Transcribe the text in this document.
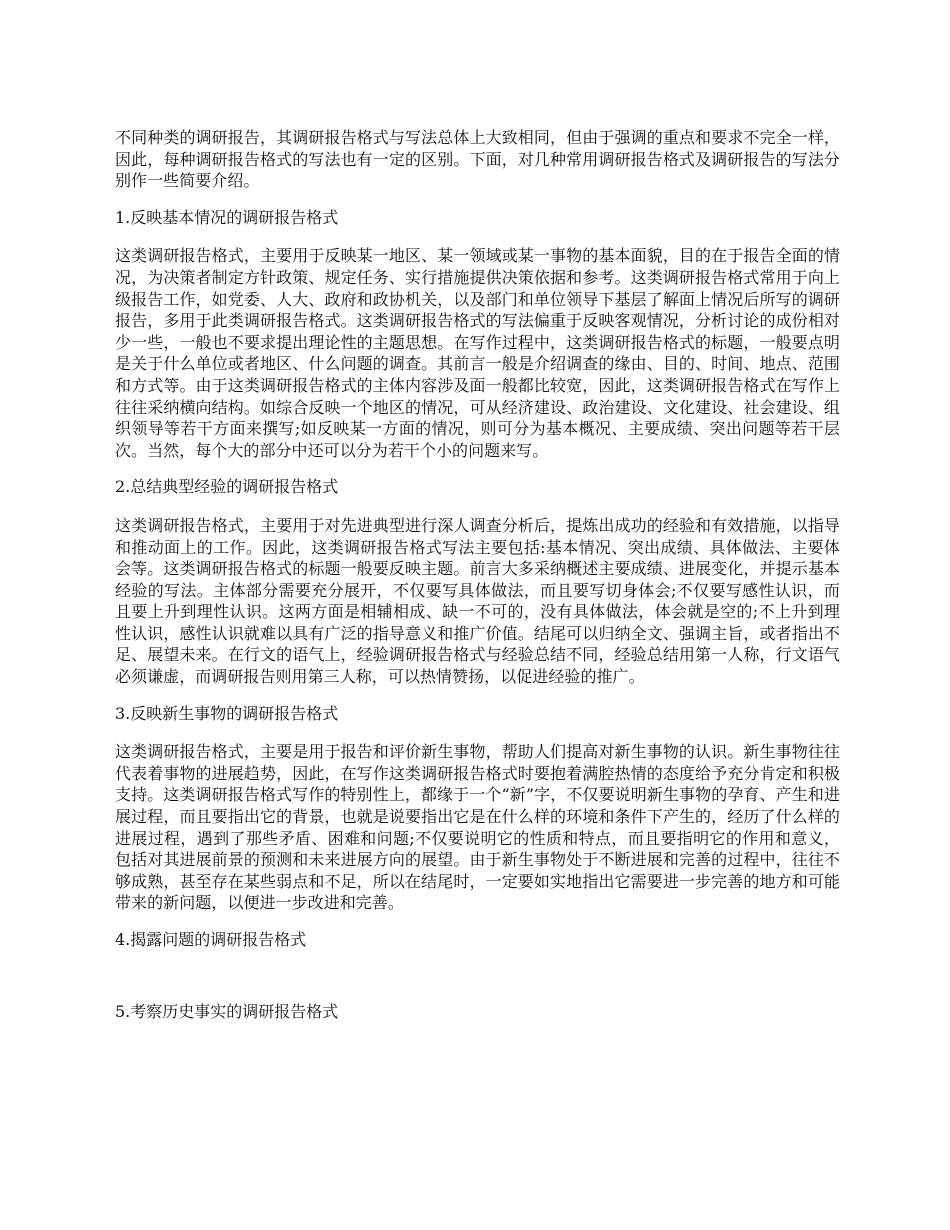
不同种类的调研报告，其调研报告格式与写法总体上大致相同，但由于强调的重点和要求不完全一样，因此，每种调研报告格式的写法也有一定的区别。下面，对几种常用调研报告格式及调研报告的写法分别作一些简要介绍。

1.反映基本情况的调研报告格式

这类调研报告格式，主要用于反映某一地区、某一领域或某一事物的基本面貌，目的在于报告全面的情况，为决策者制定方针政策、规定任务、实行措施提供决策依据和参考。这类调研报告格式常用于向上级报告工作，如党委、人大、政府和政协机关，以及部门和单位领导下基层了解面上情况后所写的调研报告，多用于此类调研报告格式。这类调研报告格式的写法偏重于反映客观情况，分析讨论的成份相对少一些，一般也不要求提出理论性的主题思想。在写作过程中，这类调研报告格式的标题，一般要点明是关于什么单位或者地区、什么问题的调查。其前言一般是介绍调查的缘由、目的、时间、地点、范围和方式等。由于这类调研报告格式的主体内容涉及面一般都比较宽，因此，这类调研报告格式在写作上往往采纳横向结构。如综合反映一个地区的情况，可从经济建设、政治建设、文化建设、社会建设、组织领导等若干方面来撰写;如反映某一方面的情况，则可分为基本概况、主要成绩、突出问题等若干层次。当然，每个大的部分中还可以分为若干个小的问题来写。

2.总结典型经验的调研报告格式

这类调研报告格式，主要用于对先进典型进行深人调查分析后，提炼出成功的经验和有效措施，以指导和推动面上的工作。因此，这类调研报告格式写法主要包括:基本情况、突出成绩、具体做法、主要体会等。这类调研报告格式的标题一般要反映主题。前言大多采纳概述主要成绩、进展变化，并提示基本经验的写法。主体部分需要充分展开，不仅要写具体做法，而且要写切身体会;不仅要写感性认识，而且要上升到理性认识。这两方面是相辅相成、缺一不可的，没有具体做法，体会就是空的;不上升到理性认识，感性认识就难以具有广泛的指导意义和推广价值。结尾可以归纳全文、强调主旨，或者指出不足、展望未来。在行文的语气上，经验调研报告格式与经验总结不同，经验总结用第一人称，行文语气必须谦虚，而调研报告则用第三人称，可以热情赞扬，以促进经验的推广。

3.反映新生事物的调研报告格式

这类调研报告格式，主要是用于报告和评价新生事物，帮助人们提高对新生事物的认识。新生事物往往代表着事物的进展趋势，因此，在写作这类调研报告格式时要抱着满腔热情的态度给予充分肯定和积极支持。这类调研报告格式写作的特别性上，都缘于一个“新”字，不仅要说明新生事物的孕育、产生和进展过程，而且要指出它的背景，也就是说要指出它是在什么样的环境和条件下产生的，经历了什么样的进展过程，遇到了那些矛盾、困难和问题;不仅要说明它的性质和特点，而且要指明它的作用和意义，包括对其进展前景的预测和未来进展方向的展望。由于新生事物处于不断进展和完善的过程中，往往不够成熟，甚至存在某些弱点和不足，所以在结尾时，一定要如实地指出它需要进一步完善的地方和可能带来的新问题，以便进一步改进和完善。

4.揭露问题的调研报告格式

5.考察历史事实的调研报告格式
